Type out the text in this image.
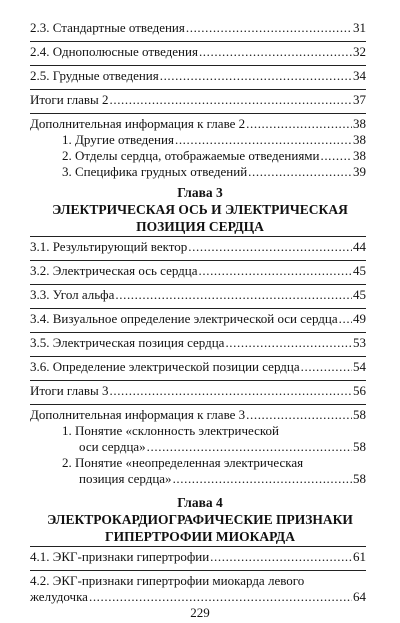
2.3. Стандартные отведения .....	31
2.4. Однополюсные отведения .....	32
2.5. Грудные отведения .....	34
Итоги главы 2 .....	37
Дополнительная информация к главе 2 .....	38
1. Другие отведения .....	38
2. Отделы сердца, отображаемые отведениями .....	38
3. Специфика грудных отведений .....	39
Глава 3
ЭЛЕКТРИЧЕСКАЯ ОСЬ И ЭЛЕКТРИЧЕСКАЯ
ПОЗИЦИЯ СЕРДЦА
3.1. Результирующий вектор .....	44
3.2. Электрическая ось сердца .....	45
3.3. Угол альфа .....	45
3.4. Визуальное определение электрической оси сердца ..... 49
3.5. Электрическая позиция сердца .....	53
3.6. Определение электрической позиции сердца .....	54
Итоги главы 3 .....	56
Дополнительная информация к главе 3 .....	58
1. Понятие «склонность электрической
оси сердца» .....	58
2. Понятие «неопределенная электрическая
позиция сердца» .....	58
Глава 4
ЭЛЕКТРОКАРДИОГРАФИЧЕСКИЕ ПРИЗНАКИ
ГИПЕРТРОФИИ МИОКАРДА
4.1. ЭКГ-признаки гипертрофии .....	61
4.2. ЭКГ-признаки гипертрофии миокарда левого
желудочка .....	64
229
